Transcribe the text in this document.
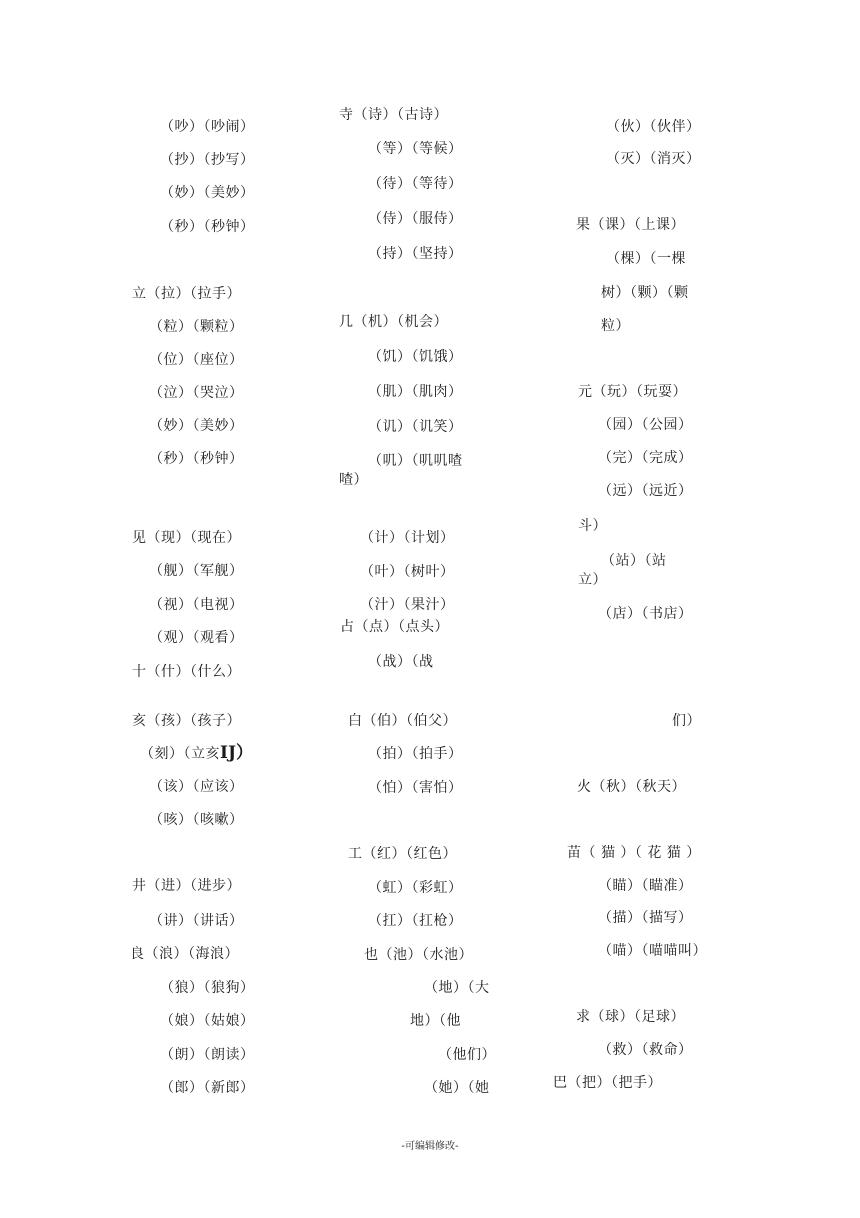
（吵）（吵闹）
（抄）（抄写）
（妙）（美妙）
（秒）（秒钟）
立（拉）（拉手）
（粒）（颗粒）
（位）（座位）
（泣）（哭泣）
（妙）（美妙）
（秒）（秒钟）
见（现）（现在）
（舰）（军舰）
（视）（电视）
（观）（观看）
十（什）（什么）
亥（孩）（孩子）
（刻）（立亥IJ）
（该）（应该）
（咳）（咳嗽）
井（进）（进步）
（讲）（讲话）
良（浪）（海浪）
（狼）（狼狗）
（娘）（姑娘）
（朗）（朗读）
（郎）（新郎）
寺（诗）（古诗）
（等）（等候）
（待）（等待）
（侍）（服侍）
（持）（坚持）
几（机）（机会）
（饥）（饥饿）
（肌）（肌肉）
（讥）（讥笑）
（叽）（叽叽喳
喳）
（计）（计划）
（叶）（树叶）
（汁）（果汁）
占（点）（点头）
（战）（战
白（伯）（伯父）
（拍）（拍手）
（怕）（害怕）
工（红）（红色）
（虹）（彩虹）
（扛）（扛枪）
也（池）（水池）
（地）（大
地）（他
（他们）
（她）（她
（伙）（伙伴）
（灭）（消灭）
果（课）（上课）
（棵）（一棵
树）（颗）（颗
粒）
元（玩）（玩耍）
（园）（公园）
（完）（完成）
（远）（远近）
斗）
（站）（站
立）
（店）（书店）
们）
火（秋）（秋天）
苗（ 猫 ）（ 花 猫 ）
（瞄）（瞄准）
（描）（描写）
（喵）（喵喵叫）
求（球）（足球）
（救）（救命）
巴（把）（把手）
-可编辑修改-
